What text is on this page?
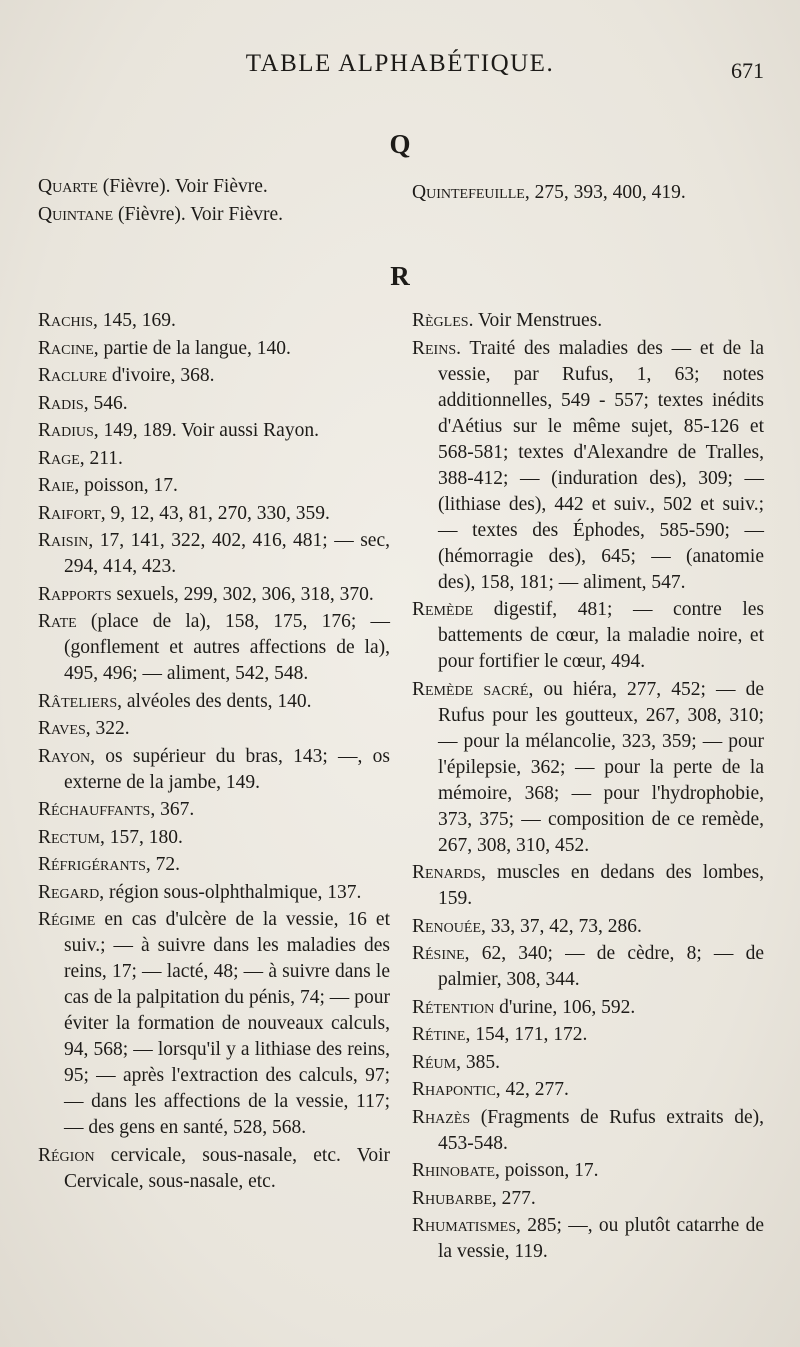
TABLE ALPHABÉTIQUE.	671
Q
Quarte (Fièvre). Voir Fièvre.
Quintane (Fièvre). Voir Fièvre.
Quintefeuille, 275, 393, 400, 419.
R
Rachis, 145, 169.
Racine, partie de la langue, 140.
Raclure d'ivoire, 368.
Radis, 546.
Radius, 149, 189. Voir aussi Rayon.
Rage, 211.
Raie, poisson, 17.
Raifort, 9, 12, 43, 81, 270, 330, 359.
Raisin, 17, 141, 322, 402, 416, 481; — sec, 294, 414, 423.
Rapports sexuels, 299, 302, 306, 318, 370.
Rate (place de la), 158, 175, 176; — (gonflement et autres affections de la), 495, 496; — aliment, 542, 548.
Râteliers, alvéoles des dents, 140.
Raves, 322.
Rayon, os supérieur du bras, 143; —, os externe de la jambe, 149.
Réchauffants, 367.
Rectum, 157, 180.
Réfrigérants, 72.
Regard, région sous-olphthalmique, 137.
Régime en cas d'ulcère de la vessie, 16 et suiv.; — à suivre dans les maladies des reins, 17; — lacté, 48; — à suivre dans le cas de la palpitation du pénis, 74; — pour éviter la formation de nouveaux calculs, 94, 568; — lorsqu'il y a lithiase des reins, 95; — après l'extraction des calculs, 97; — dans les affections de la vessie, 117; — des gens en santé, 528, 568.
Région cervicale, sous-nasale, etc. Voir Cervicale, sous-nasale, etc.
Règles. Voir Menstrues.
Reins. Traité des maladies des — et de la vessie, par Rufus, 1, 63; notes additionnelles, 549 - 557; textes inédits d'Aétius sur le même sujet, 85-126 et 568-581; textes d'Alexandre de Tralles, 388-412; — (induration des), 309; — (lithiase des), 442 et suiv., 502 et suiv.; — textes des Éphodes, 585-590; — (hémorragie des), 645; — (anatomie des), 158, 181; — aliment, 547.
Remède digestif, 481; — contre les battements de cœur, la maladie noire, et pour fortifier le cœur, 494.
Remède sacré, ou hiéra, 277, 452; — de Rufus pour les goutteux, 267, 308, 310; — pour la mélancolie, 323, 359; — pour l'épilepsie, 362; — pour la perte de la mémoire, 368; — pour l'hydrophobie, 373, 375; — composition de ce remède, 267, 308, 310, 452.
Renards, muscles en dedans des lombes, 159.
Renouée, 33, 37, 42, 73, 286.
Résine, 62, 340; — de cèdre, 8; — de palmier, 308, 344.
Rétention d'urine, 106, 592.
Rétine, 154, 171, 172.
Réum, 385.
Rhapontic, 42, 277.
Rhazès (Fragments de Rufus extraits de), 453-548.
Rhinobate, poisson, 17.
Rhubarbe, 277.
Rhumatismes, 285; —, ou plutôt catarrhe de la vessie, 119.
